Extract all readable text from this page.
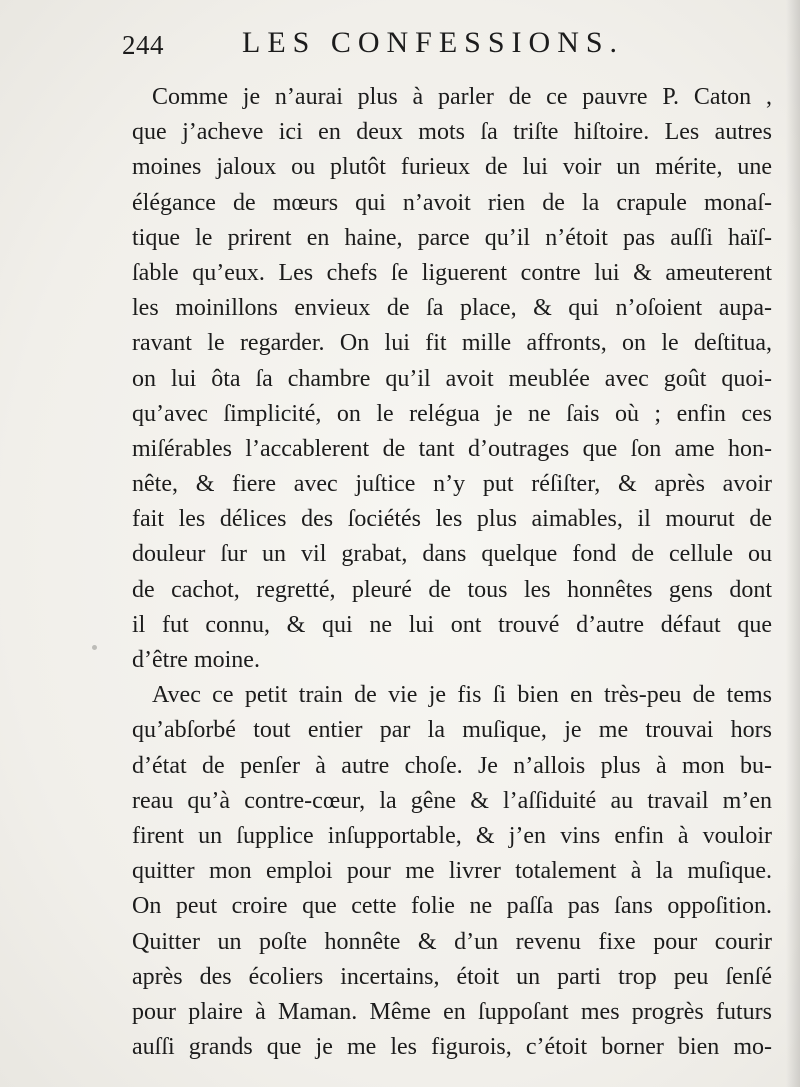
244	LES CONFESSIONS.
Comme je n’aurai plus à parler de ce pauvre P. Caton ,
que j’acheve ici en deux mots ſa triſte hiſtoire. Les autres
moines jaloux ou plutôt furieux de lui voir un mérite, une
élégance de mœurs qui n’avoit rien de la crapule monaſ-
tique le prirent en haine, parce qu’il n’étoit pas auſſi haïſ-
ſable qu’eux. Les chefs ſe liguerent contre lui & ameuterent
les moinillons envieux de ſa place, & qui n’oſoient aupa-
ravant le regarder. On lui fit mille affronts, on le deſtitua,
on lui ôta ſa chambre qu’il avoit meublée avec goût quoi-
qu’avec ſimplicité, on le reléguа je ne ſais où ; enfin ces
miſérables l’accablerent de tant d’outrages que ſon ame hon-
nête, & fiere avec juſtice n’y put réſiſter, & après avoir
fait les délices des ſociétés les plus aimables, il mourut de
douleur ſur un vil grabat, dans quelque fond de cellule ou
de cachot, regretté, pleuré de tous les honnêtes gens dont
il fut connu, & qui ne lui ont trouvé d’autre défaut que
d’être moine.
Avec ce petit train de vie je fis ſi bien en très-peu de tems
qu’abſorbé tout entier par la muſique, je me trouvai hors
d’état de penſer à autre choſe. Je n’allois plus à mon bu-
reau qu’à contre-cœur, la gêne & l’aſſiduité au travail m’en
firent un ſupplice inſupportable, & j’en vins enfin à vouloir
quitter mon emploi pour me livrer totalement à la muſique.
On peut croire que cette folie ne paſſa pas ſans oppoſition.
Quitter un poſte honnête & d’un revenu fixe pour courir
après des écoliers incertains, étoit un parti trop peu ſenſé
pour plaire à Maman. Même en ſuppoſant mes progrès futurs
auſſi grands que je me les figurois, c’étoit borner bien mo-
